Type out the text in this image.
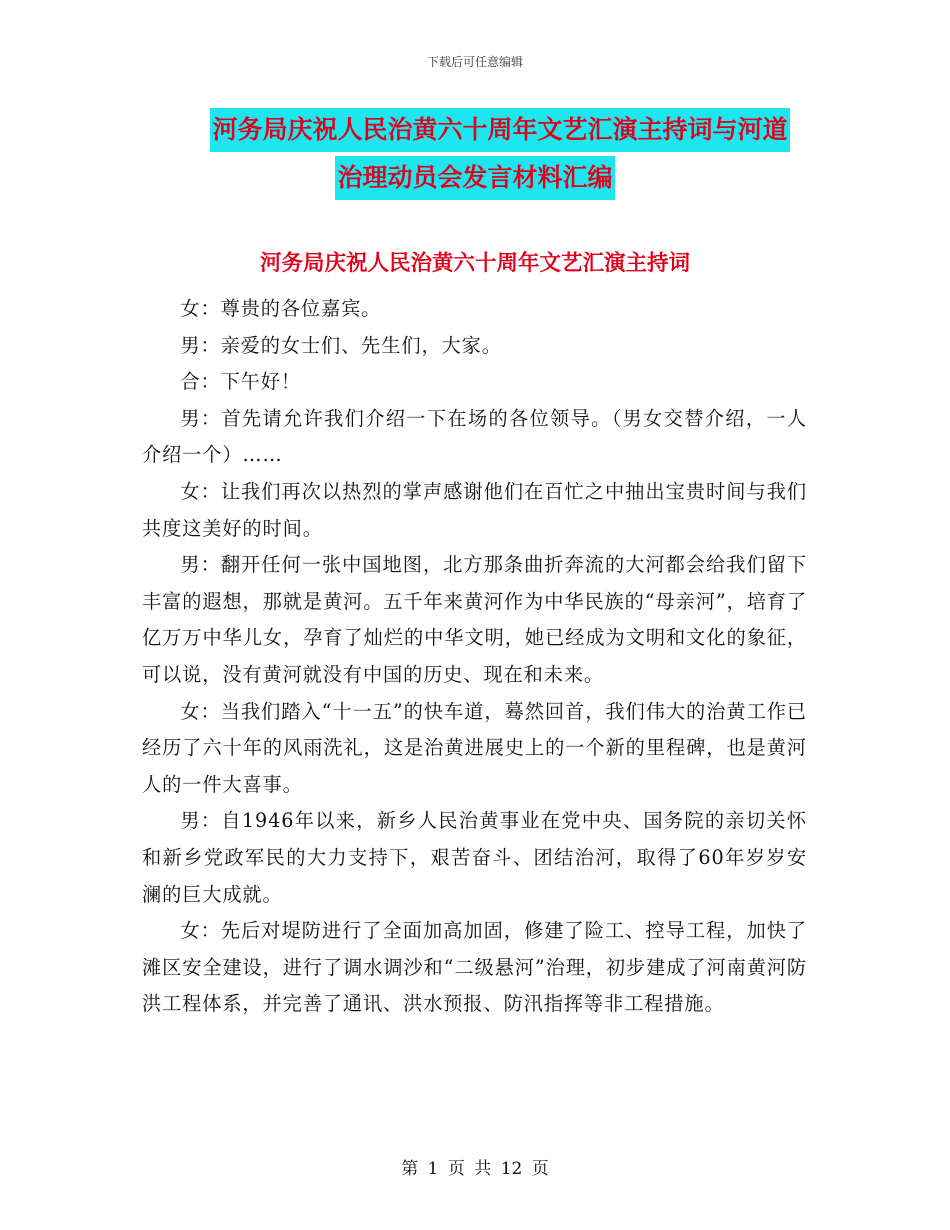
下载后可任意编辑
河务局庆祝人民治黄六十周年文艺汇演主持词与河道
治理动员会发言材料汇编
河务局庆祝人民治黄六十周年文艺汇演主持词

女：尊贵的各位嘉宾。

男：亲爱的女士们、先生们，大家。

合：下午好！

男：首先请允许我们介绍一下在场的各位领导。（男女交替介绍，一人介绍一个）……

女：让我们再次以热烈的掌声感谢他们在百忙之中抽出宝贵时间与我们共度这美好的时间。

男：翻开任何一张中国地图，北方那条曲折奔流的大河都会给我们留下丰富的遐想，那就是黄河。五千年来黄河作为中华民族的“母亲河”，培育了亿万万中华儿女，孕育了灿烂的中华文明，她已经成为文明和文化的象征，可以说，没有黄河就没有中国的历史、现在和未来。

女：当我们踏入“十一五”的快车道，蓦然回首，我们伟大的治黄工作已经历了六十年的风雨洗礼，这是治黄进展史上的一个新的里程碑，也是黄河人的一件大喜事。

男：自1946年以来，新乡人民治黄事业在党中央、国务院的亲切关怀和新乡党政军民的大力支持下，艰苦奋斗、团结治河，取得了60年岁岁安澜的巨大成就。

女：先后对堤防进行了全面加高加固，修建了险工、控导工程，加快了滩区安全建设，进行了调水调沙和“二级悬河”治理，初步建成了河南黄河防洪工程体系，并完善了通讯、洪水预报、防汛指挥等非工程措施。

第 1 页 共 12 页
